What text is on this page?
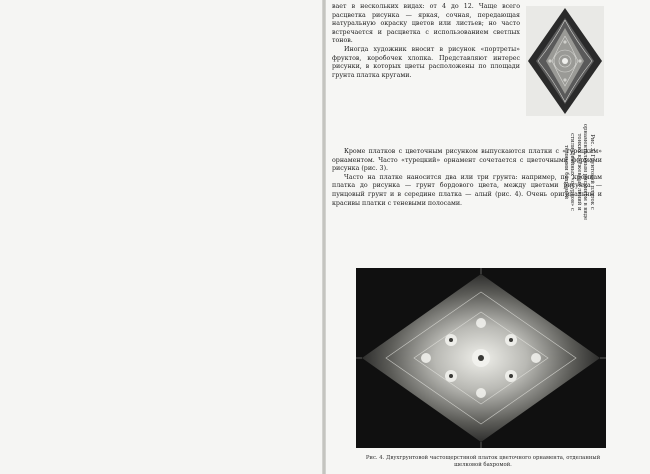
вает в нескольких видах: от 4 до 12. Чаще всего расцветка рисунка — яркая, сочная, передающая натуральную окраску цветов или листьев; но часто встречается и расцветка с использованием светлых тонов.

Иногда художник вносит в рисунок «портреты» фруктов, коробочек хлопка. Представляют интерес рисунки, в которых цветы расположены по площади грунта платка кругами.

Рис. 3. Грунтовой платок с орнаментальным рисунком в виде тонких кружевных линий и стилизованных «огурцов» с тёмными бахромой

Кроме платков с цветочным рисунком выпускаются платки с «турецким» орнаментом. Часто «турецкий» орнамент сочетается с цветочными формами рисунка (рис. 3).

Часто на платке наносится два или три грунта: например, по кромкам платка до рисунка — грунт бордового цвета, между цветами рисунка — пунцовый грунт и в середине платка — алый (рис. 4). Очень оригинальны и красивы платки с теневыми полосами.

Рис. 4. Двухгрунтовой частощерстяной платок цветочного орнамента, отделанный шелковой бахромой.
